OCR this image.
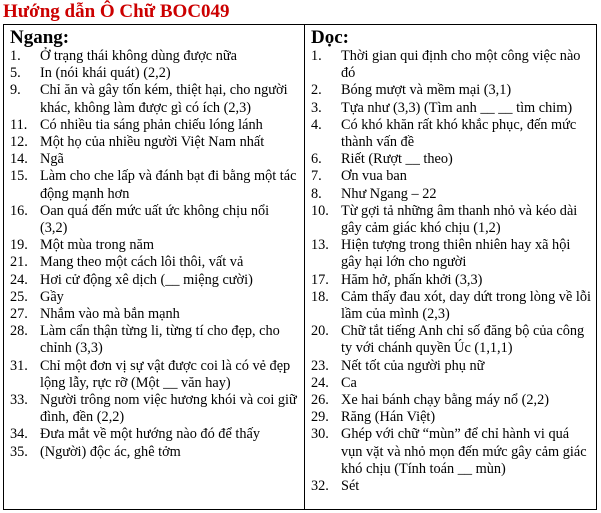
Hướng dẫn Ô Chữ BOC049
Ngang:
1.	Ở trạng thái không dùng được nữa
5.	In (nói khái quát) (2,2)
9.	Chỉ ăn và gây tốn kém, thiệt hại, cho người khác, không làm được gì có ích (2,3)
11. Có nhiều tia sáng phản chiếu lóng lánh
12. Một họ của nhiều người Việt Nam nhất
14. Ngã
15. Làm cho che lấp và đánh bạt đi bằng một tác động mạnh hơn
16. Oan quá đến mức uất ức không chịu nổi (3,2)
19. Một mùa trong năm
21. Mang theo một cách lôi thôi, vất vả
24. Hơi cử động xê dịch (__ miệng cười)
25. Gầy
27. Nhắm vào mà bắn mạnh
28. Làm cẩn thận từng li, từng tí cho đẹp, cho chỉnh (3,3)
31. Chỉ một đơn vị sự vật được coi là có vẻ đẹp lộng lẫy, rực rỡ (Một __ văn hay)
33. Người trông nom việc hương khói và coi giữ đình, đền (2,2)
34. Đưa mắt về một hướng nào đó để thấy
35. (Người) độc ác, ghê tởm
Dọc:
1.	Thời gian qui định cho một công việc nào đó
2.	Bóng mượt và mềm mại (3,1)
3.	Tựa như (3,3) (Tìm anh __ __ tìm chim)
4.	Có khó khăn rất khó khắc phục, đến mức thành vấn đề
6.	Riết (Rượt __ theo)
7.	Ơn vua ban
8.	Như Ngang – 22
10. Từ gợi tả những âm thanh nhỏ và kéo dài gây cảm giác khó chịu (1,2)
13. Hiện tượng trong thiên nhiên hay xã hội gây hại lớn cho người
17. Hăm hở, phấn khởi (3,3)
18. Cảm thấy đau xót, day dứt trong lòng về lỗi lầm của mình (2,3)
20. Chữ tắt tiếng Anh chỉ số đăng bộ của công ty với chánh quyền Úc (1,1,1)
23. Nết tốt của người phụ nữ
24. Ca
26. Xe hai bánh chạy bằng máy nổ (2,2)
29. Răng (Hán Việt)
30. Ghép với chữ “mùn” để chỉ hành vi quá vụn vặt và nhỏ mọn đến mức gây cảm giác khó chịu (Tính toán __ mùn)
32. Sét
